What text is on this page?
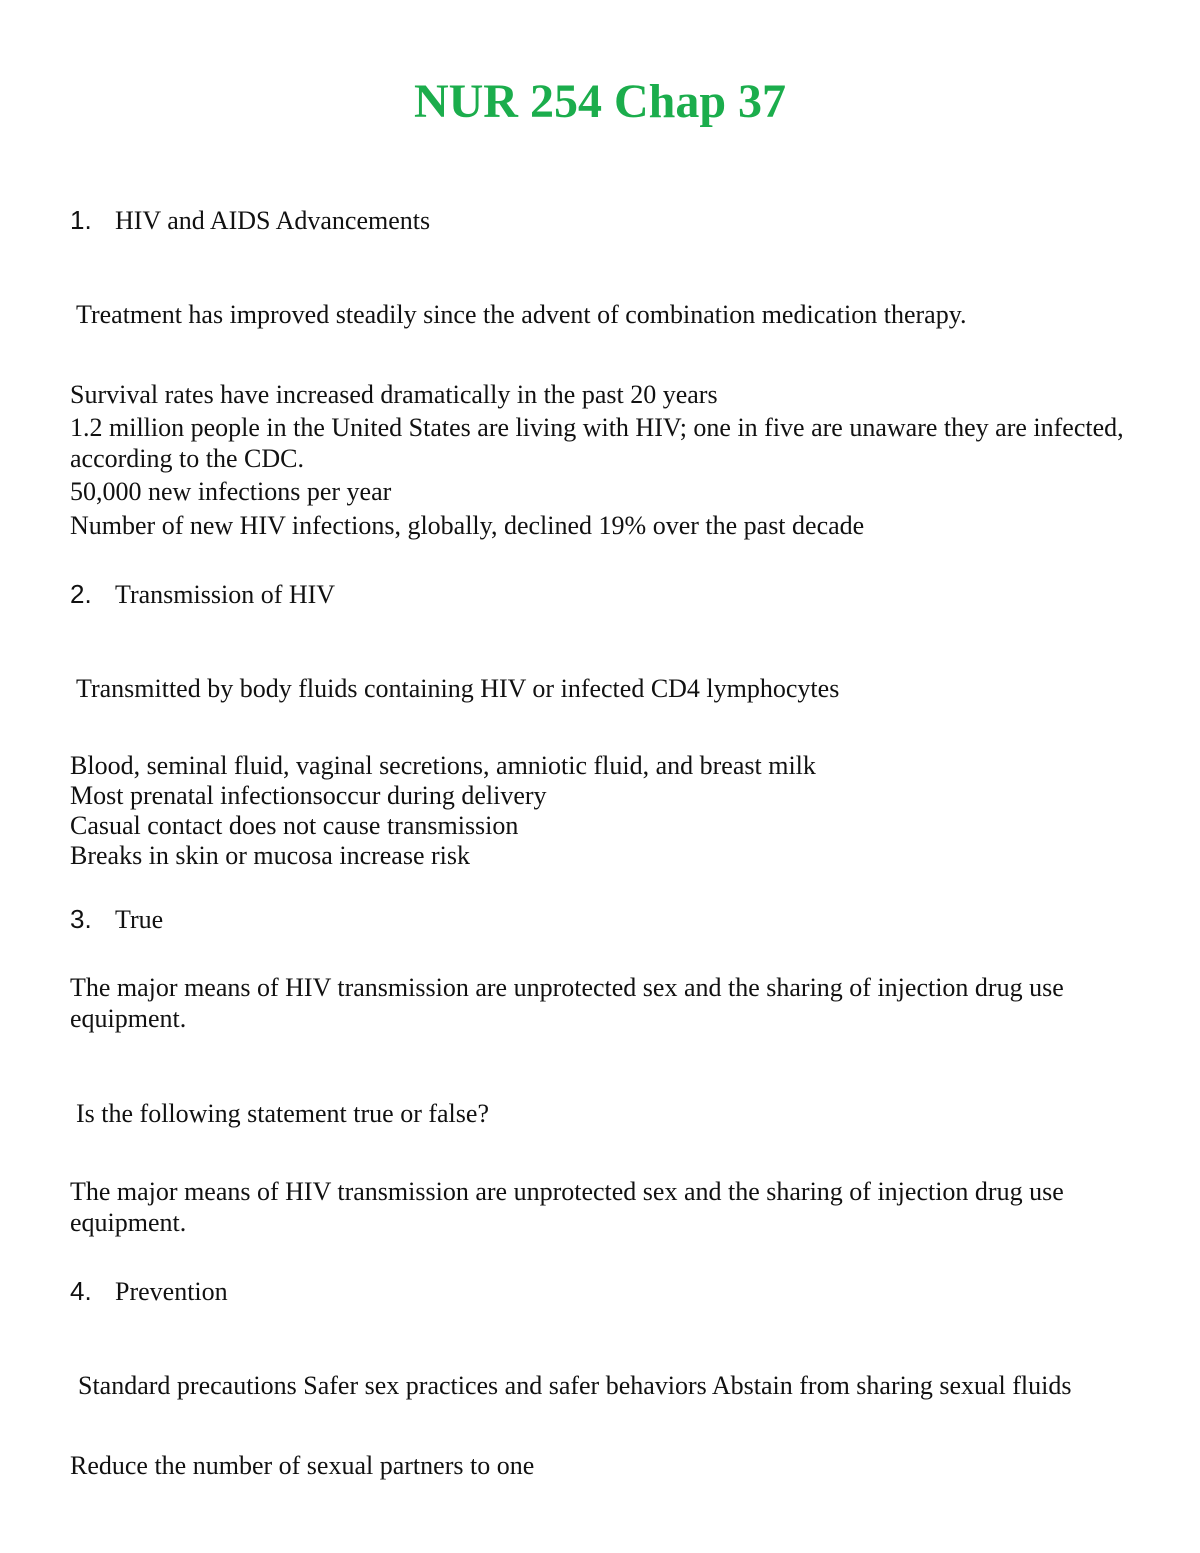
NUR 254 Chap 37
1. HIV and AIDS Advancements
Treatment has improved steadily since the advent of combination medication therapy.
Survival rates have increased dramatically in the past 20 years
1.2 million people in the United States are living with HIV; one in five are unaware they are infected, according to the CDC.
50,000 new infections per year
Number of new HIV infections, globally, declined 19% over the past decade
2. Transmission of HIV
Transmitted by body fluids containing HIV or infected CD4 lymphocytes
Blood, seminal fluid, vaginal secretions, amniotic fluid, and breast milk
Most prenatal infectionsoccur during delivery
Casual contact does not cause transmission
Breaks in skin or mucosa increase risk
3. True
The major means of HIV transmission are unprotected sex and the sharing of injection drug use equipment.
Is the following statement true or false?
The major means of HIV transmission are unprotected sex and the sharing of injection drug use equipment.
4. Prevention
Standard precautions Safer sex practices and safer behaviors Abstain from sharing sexual fluids
Reduce the number of sexual partners to one
